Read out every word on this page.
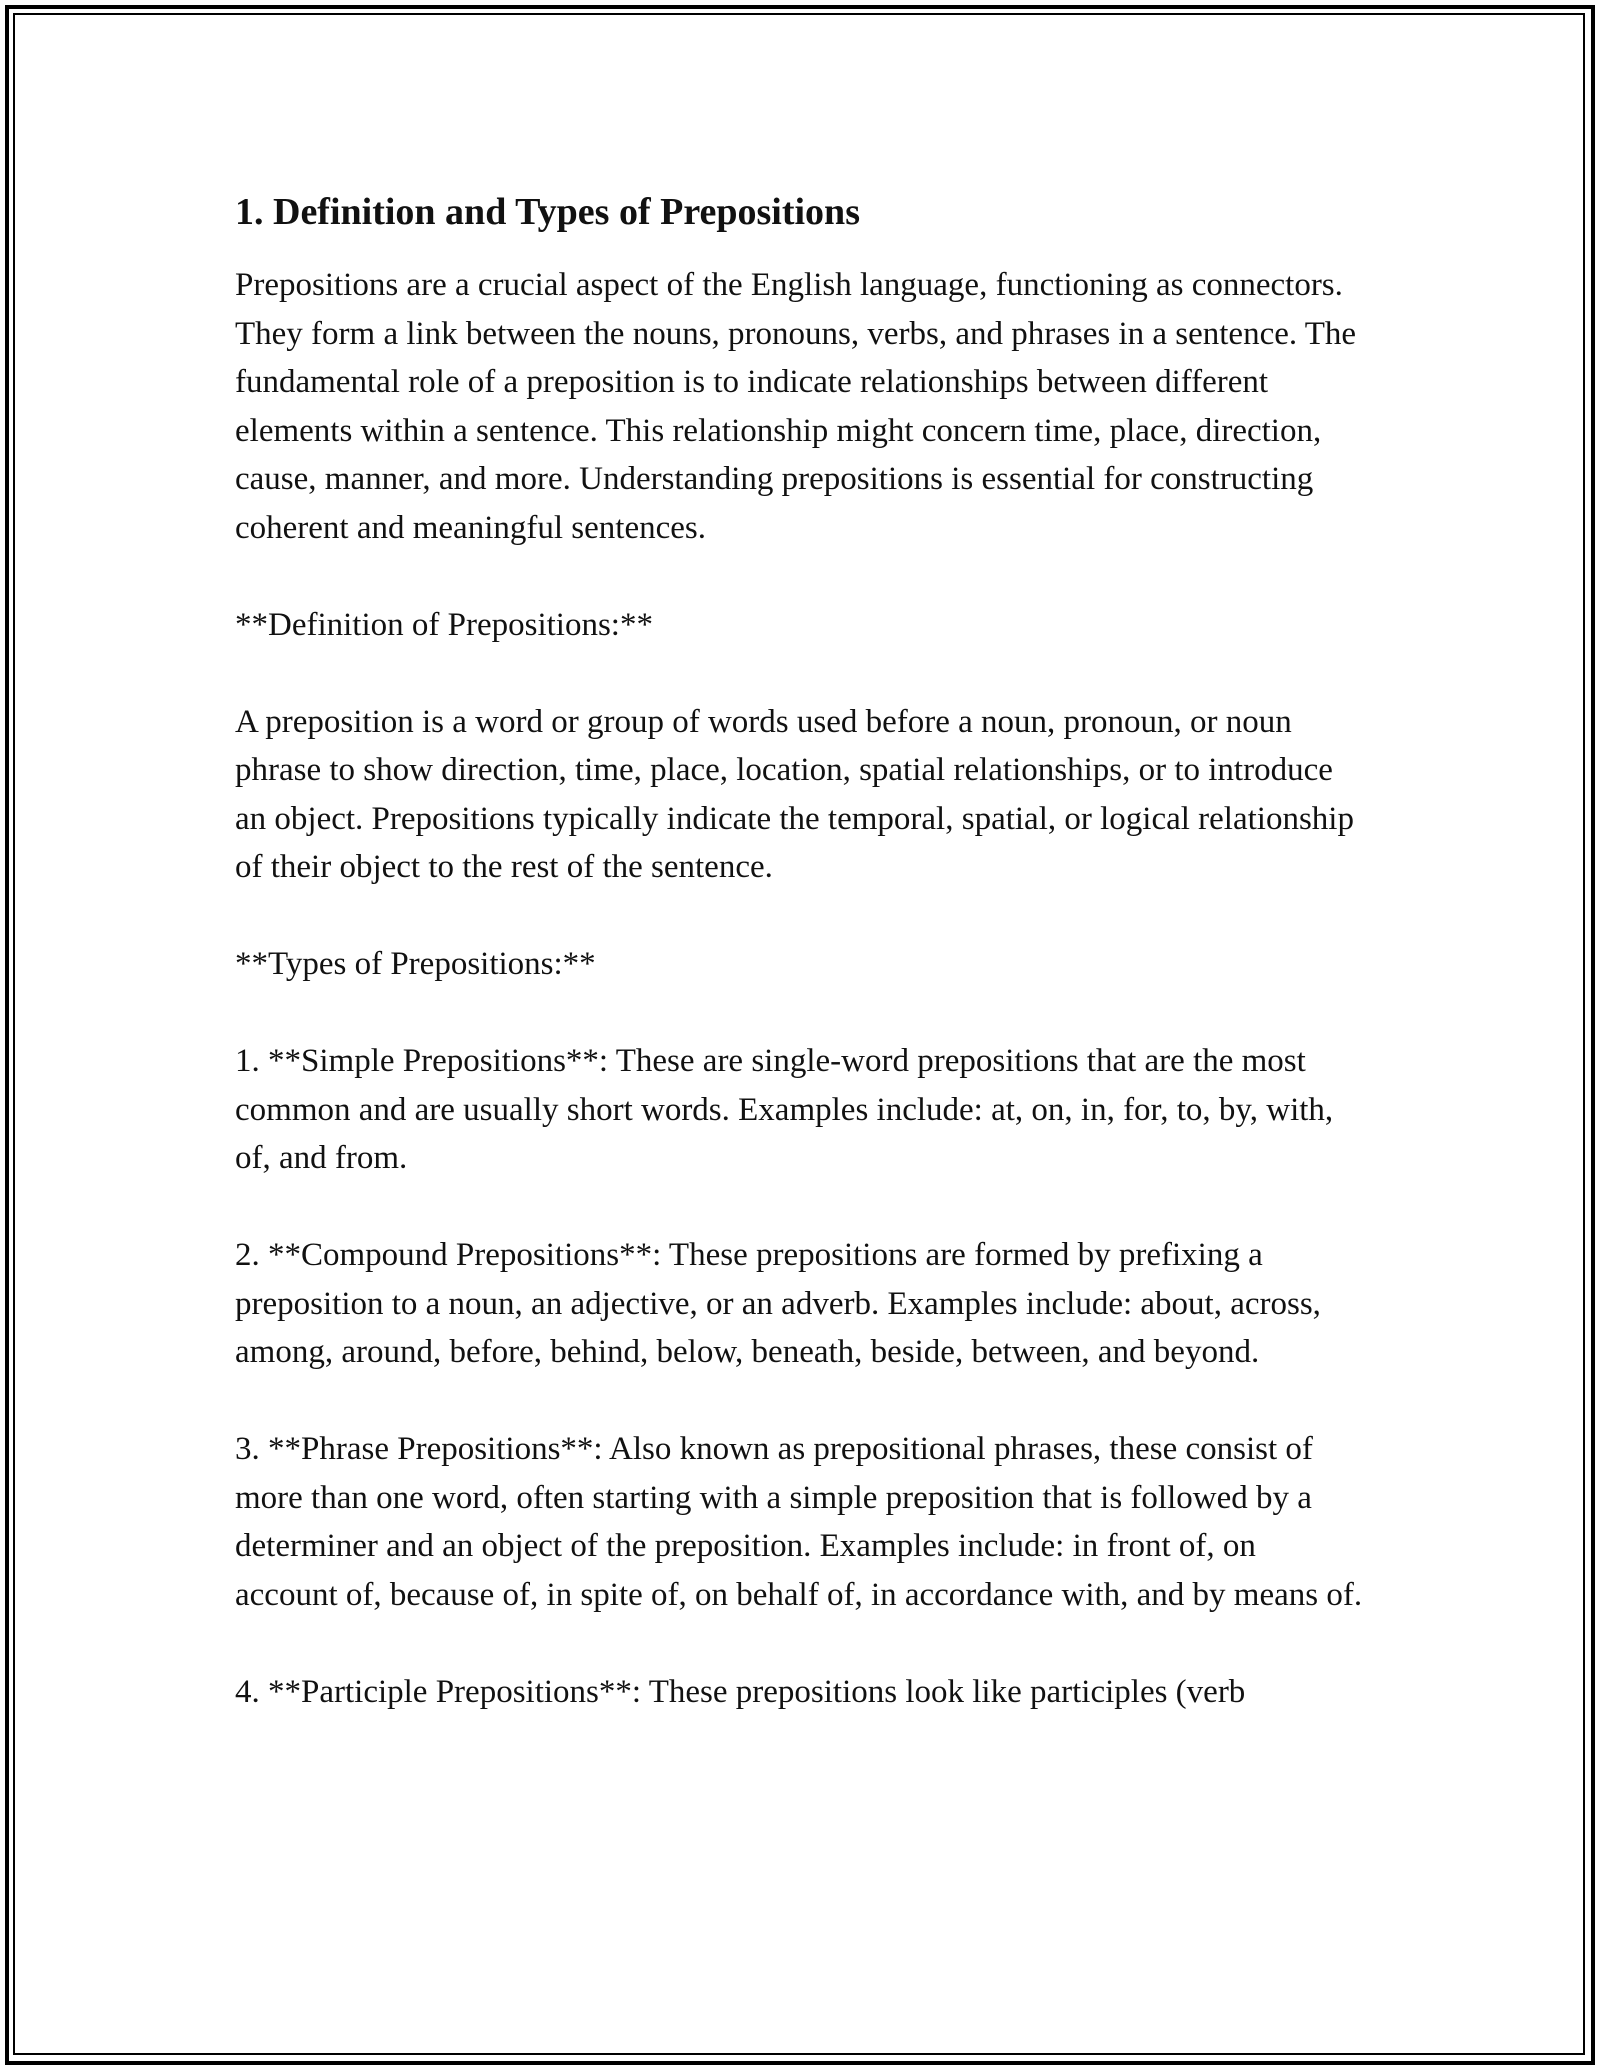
1. Definition and Types of Prepositions

Prepositions are a crucial aspect of the English language, functioning as connectors. They form a link between the nouns, pronouns, verbs, and phrases in a sentence. The fundamental role of a preposition is to indicate relationships between different elements within a sentence. This relationship might concern time, place, direction, cause, manner, and more. Understanding prepositions is essential for constructing coherent and meaningful sentences.

**Definition of Prepositions:**

A preposition is a word or group of words used before a noun, pronoun, or noun phrase to show direction, time, place, location, spatial relationships, or to introduce an object. Prepositions typically indicate the temporal, spatial, or logical relationship of their object to the rest of the sentence.

**Types of Prepositions:**

1. **Simple Prepositions**: These are single-word prepositions that are the most common and are usually short words. Examples include: at, on, in, for, to, by, with, of, and from.

2. **Compound Prepositions**: These prepositions are formed by prefixing a preposition to a noun, an adjective, or an adverb. Examples include: about, across, among, around, before, behind, below, beneath, beside, between, and beyond.

3. **Phrase Prepositions**: Also known as prepositional phrases, these consist of more than one word, often starting with a simple preposition that is followed by a determiner and an object of the preposition. Examples include: in front of, on account of, because of, in spite of, on behalf of, in accordance with, and by means of.

4. **Participle Prepositions**: These prepositions look like participles (verb
